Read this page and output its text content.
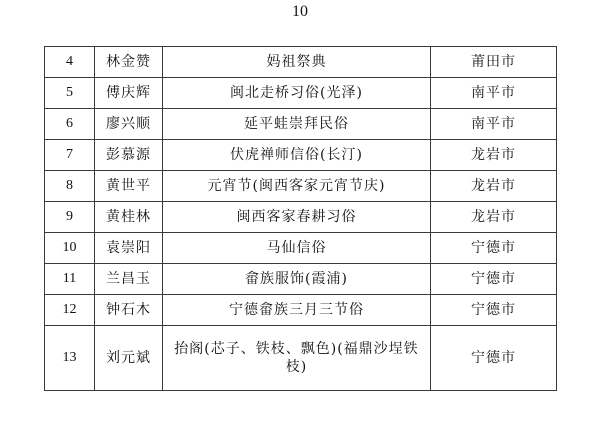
10
4	林金赞	妈祖祭典	莆田市
5	傅庆辉	闽北走桥习俗(光泽)	南平市
6	廖兴顺	延平蛙崇拜民俗	南平市
7	彭慕源	伏虎禅师信俗(长汀)	龙岩市
8	黄世平	元宵节(闽西客家元宵节庆)	龙岩市
9	黄桂林	闽西客家春耕习俗	龙岩市
10	袁崇阳	马仙信俗	宁德市
11	兰昌玉	畲族服饰(霞浦)	宁德市
12	钟石木	宁德畲族三月三节俗	宁德市
13	刘元斌	抬阁(芯子、铁枝、飘色)(福鼎沙埕铁枝)	宁德市
